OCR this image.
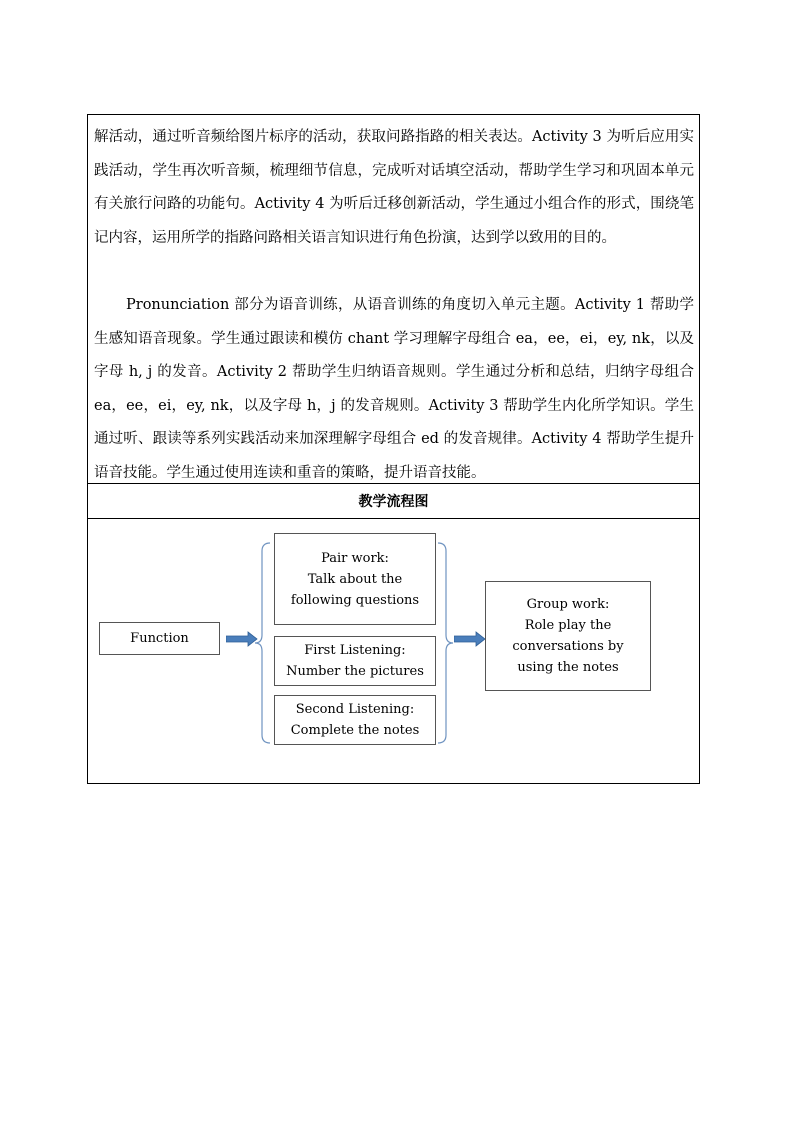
解活动，通过听音频给图片标序的活动，获取问路指路的相关表达。Activity 3 为听后应用实践活动，学生再次听音频，梳理细节信息，完成听对话填空活动，帮助学生学习和巩固本单元有关旅行问路的功能句。Activity 4 为听后迁移创新活动，学生通过小组合作的形式，围绕笔记内容，运用所学的指路问路相关语言知识进行角色扮演，达到学以致用的目的。

Pronunciation 部分为语音训练，从语音训练的角度切入单元主题。Activity 1 帮助学生感知语音现象。学生通过跟读和模仿 chant 学习理解字母组合 ea，ee，ei，ey, nk，以及字母 h, j 的发音。Activity 2 帮助学生归纳语音规则。学生通过分析和总结，归纳字母组合 ea，ee，ei，ey, nk，以及字母 h，j 的发音规则。Activity 3 帮助学生内化所学知识。学生通过听、跟读等系列实践活动来加深理解字母组合 ed 的发音规律。Activity 4 帮助学生提升语音技能。学生通过使用连读和重音的策略，提升语音技能。

教学流程图
Function
Pair work:
Talk about the
following questions
First Listening:
Number the pictures
Second Listening:
Complete the notes
Group work:
Role play the
conversations by
using the notes
